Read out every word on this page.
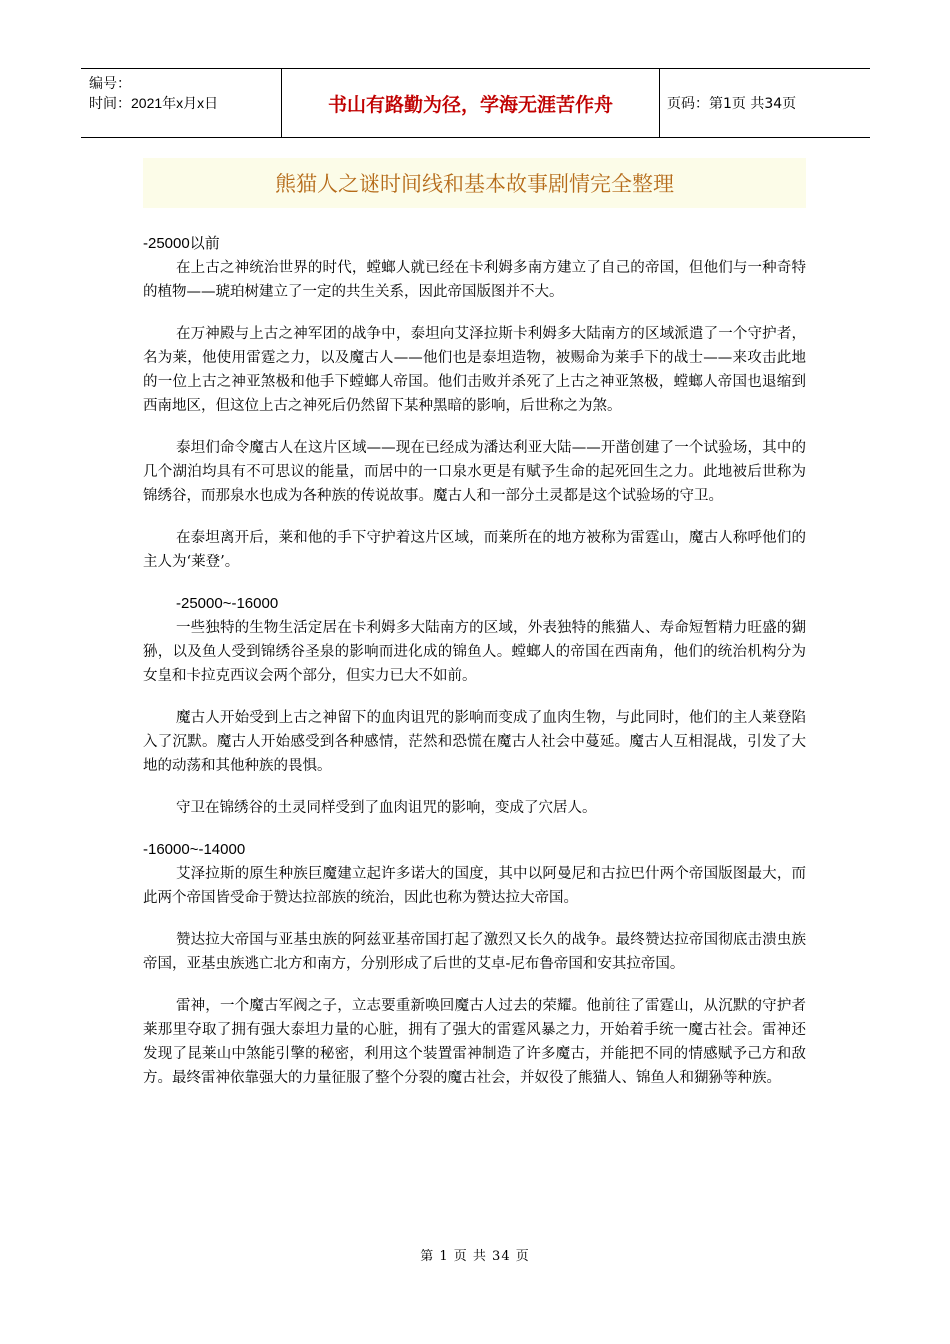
编号：
时间：2021年x月x日	书山有路勤为径，学海无涯苦作舟	页码：第1页 共34页
熊猫人之谜时间线和基本故事剧情完全整理
-25000以前

在上古之神统治世界的时代，螳螂人就已经在卡利姆多南方建立了自己的帝国，但他们与一种奇特的植物——琥珀树建立了一定的共生关系，因此帝国版图并不大。

在万神殿与上古之神军团的战争中，泰坦向艾泽拉斯卡利姆多大陆南方的区域派遣了一个守护者，名为莱，他使用雷霆之力，以及魔古人——他们也是泰坦造物，被赐命为莱手下的战士——来攻击此地的一位上古之神亚煞极和他手下螳螂人帝国。他们击败并杀死了上古之神亚煞极，螳螂人帝国也退缩到西南地区，但这位上古之神死后仍然留下某种黑暗的影响，后世称之为煞。

泰坦们命令魔古人在这片区域——现在已经成为潘达利亚大陆——开凿创建了一个试验场，其中的几个湖泊均具有不可思议的能量，而居中的一口泉水更是有赋予生命的起死回生之力。此地被后世称为锦绣谷，而那泉水也成为各种族的传说故事。魔古人和一部分土灵都是这个试验场的守卫。

在泰坦离开后，莱和他的手下守护着这片区域，而莱所在的地方被称为雷霆山，魔古人称呼他们的主人为‘莱登’。

-25000~-16000

一些独特的生物生活定居在卡利姆多大陆南方的区域，外表独特的熊猫人、寿命短暂精力旺盛的猢狲，以及鱼人受到锦绣谷圣泉的影响而进化成的锦鱼人。螳螂人的帝国在西南角，他们的统治机构分为女皇和卡拉克西议会两个部分，但实力已大不如前。

魔古人开始受到上古之神留下的血肉诅咒的影响而变成了血肉生物，与此同时，他们的主人莱登陷入了沉默。魔古人开始感受到各种感情，茫然和恐慌在魔古人社会中蔓延。魔古人互相混战，引发了大地的动荡和其他种族的畏惧。

守卫在锦绣谷的土灵同样受到了血肉诅咒的影响，变成了穴居人。

-16000~-14000

艾泽拉斯的原生种族巨魔建立起许多诺大的国度，其中以阿曼尼和古拉巴什两个帝国版图最大，而此两个帝国皆受命于赞达拉部族的统治，因此也称为赞达拉大帝国。

赞达拉大帝国与亚基虫族的阿兹亚基帝国打起了激烈又长久的战争。最终赞达拉帝国彻底击溃虫族帝国，亚基虫族逃亡北方和南方，分别形成了后世的艾卓-尼布鲁帝国和安其拉帝国。

雷神，一个魔古军阀之子，立志要重新唤回魔古人过去的荣耀。他前往了雷霆山，从沉默的守护者莱那里夺取了拥有强大泰坦力量的心脏，拥有了强大的雷霆风暴之力，开始着手统一魔古社会。雷神还发现了昆莱山中煞能引擎的秘密，利用这个装置雷神制造了许多魔古，并能把不同的情感赋予己方和敌方。最终雷神依靠强大的力量征服了整个分裂的魔古社会，并奴役了熊猫人、锦鱼人和猢狲等种族。

第 1 页 共 34 页
